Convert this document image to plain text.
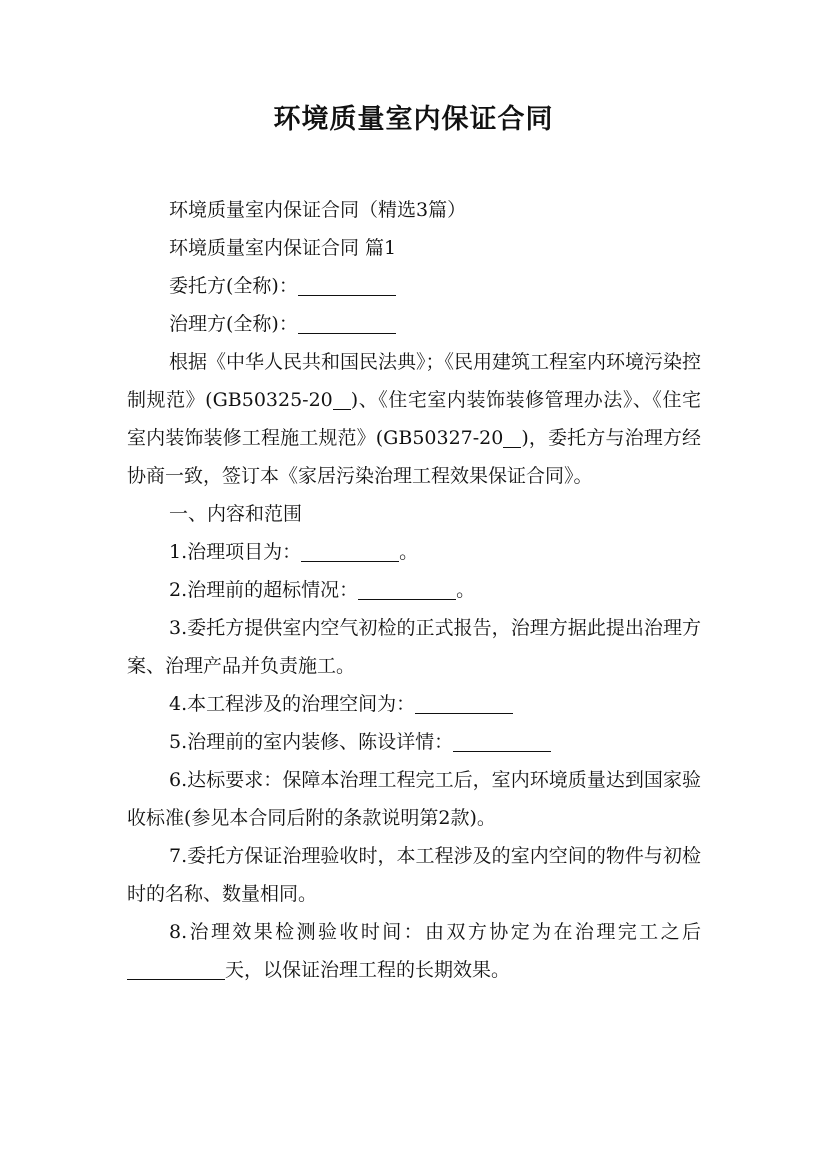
环境质量室内保证合同

环境质量室内保证合同（精选3篇）

环境质量室内保证合同 篇1

委托方(全称)：

治理方(全称)：

根据《中华人民共和国民法典》；《民用建筑工程室内环境污染控制规范》(GB50325-20 )、《住宅室内装饰装修管理办法》、《住宅室内装饰装修工程施工规范》(GB50327-20 )，委托方与治理方经协商一致，签订本《家居污染治理工程效果保证合同》。

一、内容和范围

1.治理项目为：	。

2.治理前的超标情况：	。

3.委托方提供室内空气初检的正式报告，治理方据此提出治理方案、治理产品并负责施工。

4.本工程涉及的治理空间为：

5.治理前的室内装修、陈设详情：

6.达标要求：保障本治理工程完工后，室内环境质量达到国家验收标准(参见本合同后附的条款说明第2款)。

7.委托方保证治理验收时，本工程涉及的室内空间的物件与初检时的名称、数量相同。

8.治理效果检测验收时间：由双方协定为在治理完工之后天，以保证治理工程的长期效果。
